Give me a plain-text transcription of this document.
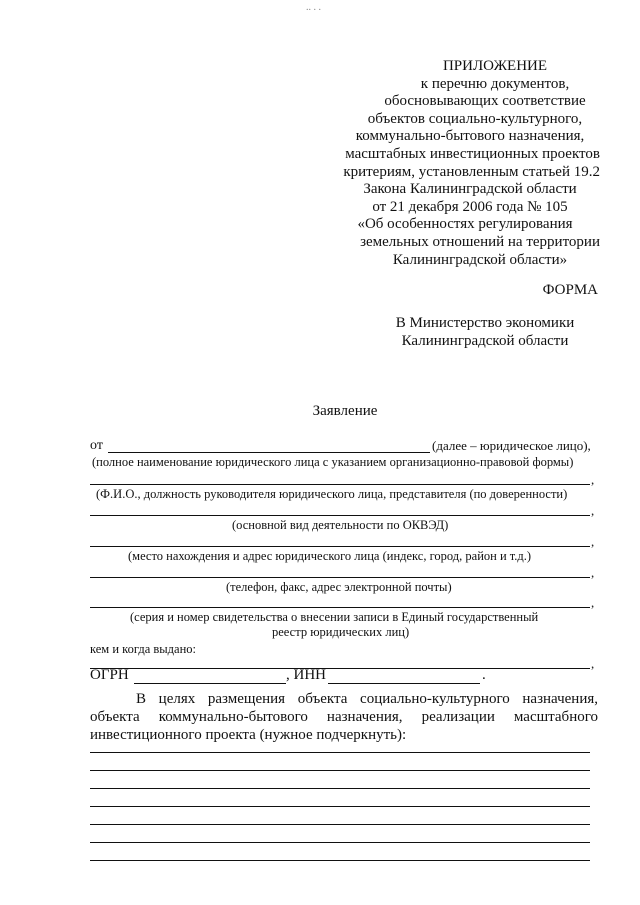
.. . .
ПРИЛОЖЕНИЕ
к перечню документов,
обосновывающих соответствие
объектов социально-культурного,
коммунально-бытового назначения,
масштабных инвестиционных проектов
критериям, установленным статьей 19.2
Закона Калининградской области
от 21 декабря 2006 года № 105
«Об особенностях регулирования
земельных отношений на территории
Калининградской области»
ФОРМА
В Министерство экономики
Калининградской области
Заявление
от	(далее – юридическое лицо),
(полное наименование юридического лица с указанием организационно-правовой формы)
,
(Ф.И.О., должность руководителя юридического лица, представителя (по доверенности)
,
(основной вид деятельности по ОКВЭД)
,
(место нахождения и адрес юридического лица (индекс, город, район и т.д.)
,
(телефон, факс, адрес электронной почты)
,
(серия и номер свидетельства о внесении записи в Единый государственный
реестр юридических лиц)
кем и когда выдано:
,
ОГРН	, ИНН	.

В целях размещения объекта социально-культурного назначения, объекта коммунально-бытового назначения, реализации масштабного инвестиционного проекта (нужное подчеркнуть):
